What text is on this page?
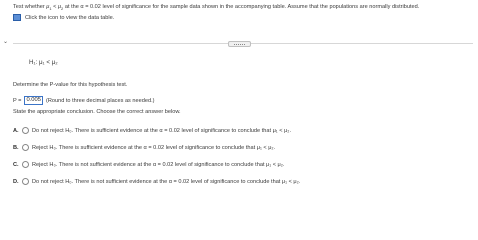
Test whether $\mu_1 < \mu_2$ at the α = 0.02 level of significance for the sample data shown in the accompanying table. Assume that the populations are normally distributed.
Click the icon to view the data table.
⌄
H₁: μ₁ < μ₂
Determine the P-value for this hypothesis test.
P = 0.005 (Round to three decimal places as needed.)
State the appropriate conclusion. Choose the correct answer below.
A. Do not reject H₀. There is sufficient evidence at the α = 0.02 level of significance to conclude that μ₁ < μ₂.
B. Reject H₀. There is sufficient evidence at the α = 0.02 level of significance to conclude that μ₁ < μ₂.
C. Reject H₀. There is not sufficient evidence at the α = 0.02 level of significance to conclude that μ₁ < μ₂.
D. Do not reject H₀. There is not sufficient evidence at the α = 0.02 level of significance to conclude that μ₁ < μ₂.
